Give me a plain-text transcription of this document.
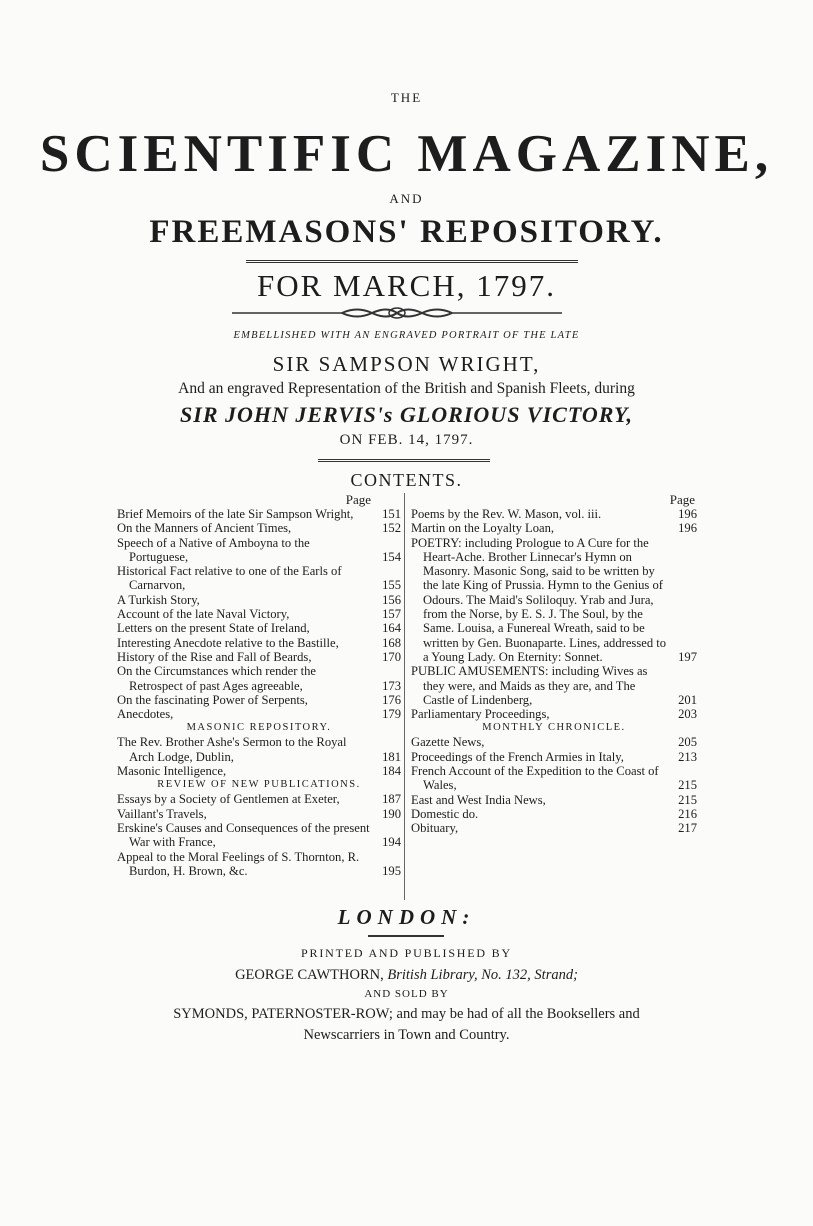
THE
SCIENTIFIC MAGAZINE,
AND
FREEMASONS' REPOSITORY.
FOR MARCH, 1797.
EMBELLISHED WITH AN ENGRAVED PORTRAIT OF THE LATE
SIR SAMPSON WRIGHT,
And an engraved Representation of the British and Spanish Fleets, during
SIR JOHN JERVIS's GLORIOUS VICTORY,
ON FEB. 14, 1797.
CONTENTS.
Page
Brief Memoirs of the late Sir Sampson Wright,	151
On the Manners of Ancient Times,	152
Speech of a Native of Amboyna to the Portuguese,	154
Historical Fact relative to one of the Earls of Carnarvon,	155
A Turkish Story,	156
Account of the late Naval Victory,	157
Letters on the present State of Ireland,	164
Interesting Anecdote relative to the Bastille,	168
History of the Rise and Fall of Beards,	170
On the Circumstances which render the Retrospect of past Ages agreeable,	173
On the fascinating Power of Serpents,	176
Anecdotes,	179
MASONIC REPOSITORY.
The Rev. Brother Ashe's Sermon to the Royal Arch Lodge, Dublin,	181
Masonic Intelligence,	184
REVIEW OF NEW PUBLICATIONS.
Essays by a Society of Gentlemen at Exeter,	187
Vaillant's Travels,	190
Erskine's Causes and Consequences of the present War with France,	194
Appeal to the Moral Feelings of S. Thornton, R. Burdon, H. Brown, &c.	195
Page
Poems by the Rev. W. Mason, vol. iii.	196
Martin on the Loyalty Loan,	196
POETRY: including Prologue to A Cure for the Heart-Ache. Brother Linnecar's Hymn on Masonry. Masonic Song, said to be written by the late King of Prussia. Hymn to the Genius of Odours. The Maid's Soliloquy. Yrab and Jura, from the Norse, by E. S. J. The Soul, by the Same. Louisa, a Funereal Wreath, said to be written by Gen. Buonaparte. Lines, addressed to a Young Lady. On Eternity: Sonnet.	197
PUBLIC AMUSEMENTS: including Wives as they were, and Maids as they are, and The Castle of Lindenberg,	201
Parliamentary Proceedings,	203
MONTHLY CHRONICLE.
Gazette News,	205
Proceedings of the French Armies in Italy,	213
French Account of the Expedition to the Coast of Wales,	215
East and West India News,	215
Domestic do.	216
Obituary,	217
LONDON:
PRINTED AND PUBLISHED BY
GEORGE CAWTHORN, British Library, No. 132, Strand;
AND SOLD BY
SYMONDS, PATERNOSTER-ROW; and may be had of all the Booksellers and
Newscarriers in Town and Country.
